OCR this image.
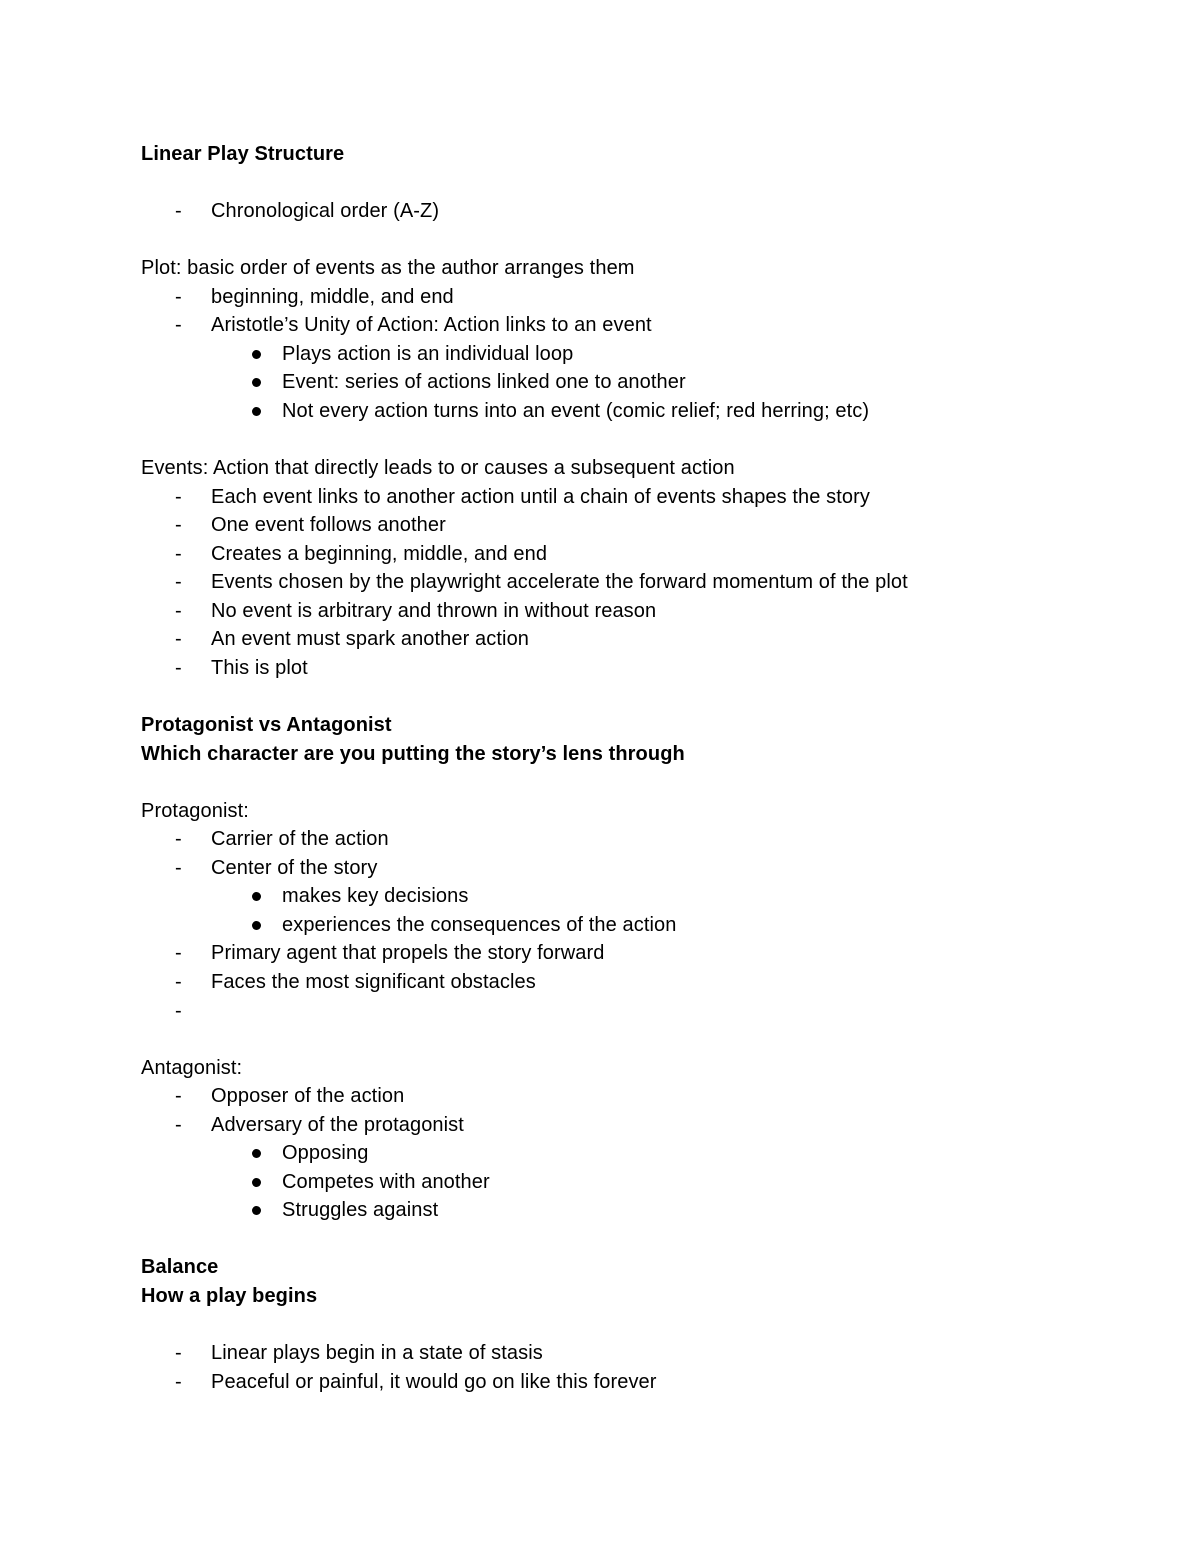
Linear Play Structure
-	Chronological order (A-Z)
Plot: basic order of events as the author arranges them
-	beginning, middle, and end
-	Aristotle’s Unity of Action: Action links to an event
Plays action is an individual loop
Event: series of actions linked one to another
Not every action turns into an event (comic relief; red herring; etc)
Events: Action that directly leads to or causes a subsequent action
-	Each event links to another action until a chain of events shapes the story
-	One event follows another
-	Creates a beginning, middle, and end
-	Events chosen by the playwright accelerate the forward momentum of the plot
-	No event is arbitrary and thrown in without reason
-	An event must spark another action
-	This is plot
Protagonist vs Antagonist
Which character are you putting the story’s lens through
Protagonist:
-	Carrier of the action
-	Center of the story
makes key decisions
experiences the consequences of the action
-	Primary agent that propels the story forward
-	Faces the most significant obstacles
-
Antagonist:
-	Opposer of the action
-	Adversary of the protagonist
Opposing
Competes with another
Struggles against
Balance
How a play begins
-	Linear plays begin in a state of stasis
-	Peaceful or painful, it would go on like this forever
